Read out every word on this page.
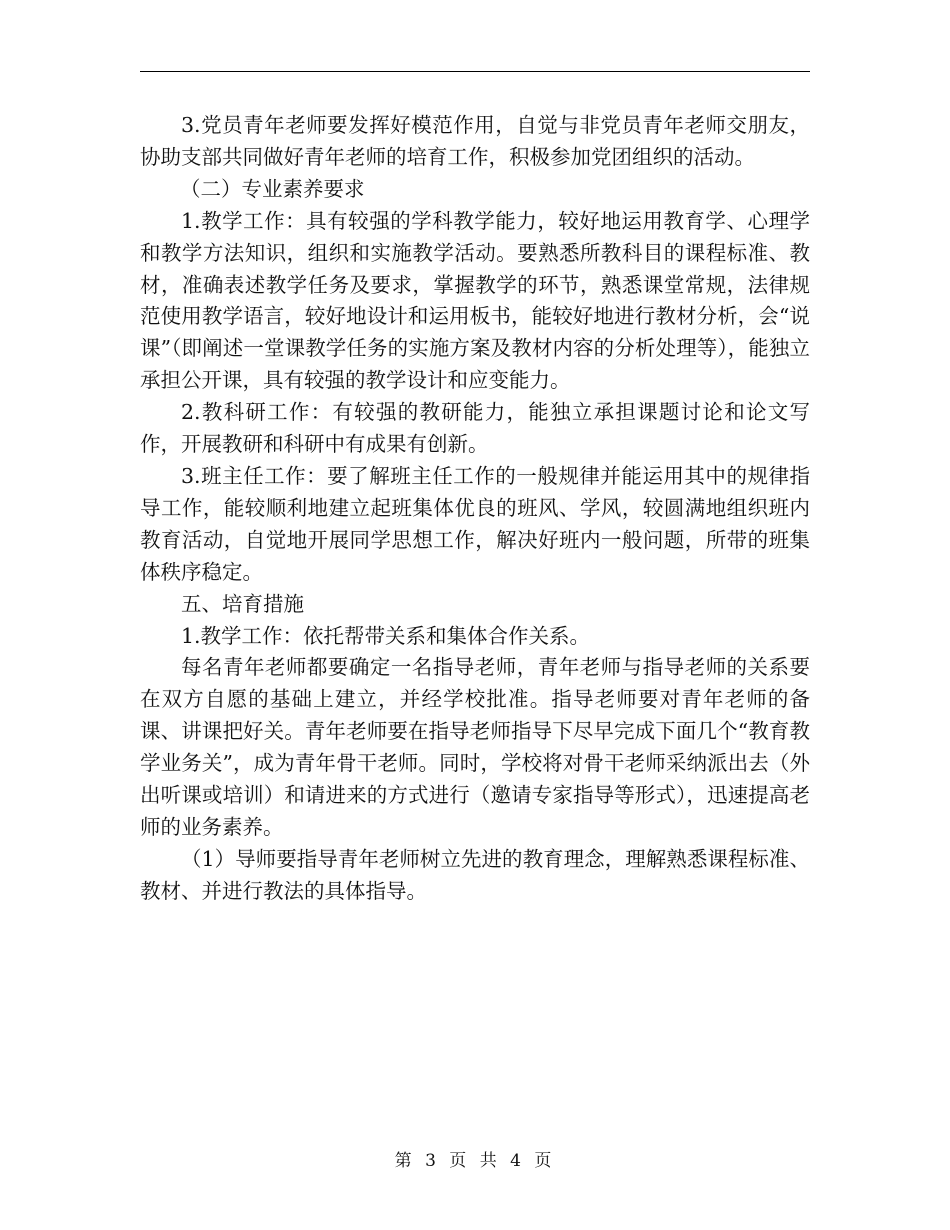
3.党员青年老师要发挥好模范作用，自觉与非党员青年老师交朋友，协助支部共同做好青年老师的培育工作，积极参加党团组织的活动。

（二）专业素养要求

1.教学工作：具有较强的学科教学能力，较好地运用教育学、心理学和教学方法知识，组织和实施教学活动。要熟悉所教科目的课程标准、教材，准确表述教学任务及要求，掌握教学的环节，熟悉课堂常规，法律规范使用教学语言，较好地设计和运用板书，能较好地进行教材分析，会“说课”（即阐述一堂课教学任务的实施方案及教材内容的分析处理等），能独立承担公开课，具有较强的教学设计和应变能力。

2.教科研工作：有较强的教研能力，能独立承担课题讨论和论文写作，开展教研和科研中有成果有创新。

3.班主任工作：要了解班主任工作的一般规律并能运用其中的规律指导工作，能较顺利地建立起班集体优良的班风、学风，较圆满地组织班内教育活动，自觉地开展同学思想工作，解决好班内一般问题，所带的班集体秩序稳定。

五、培育措施

1.教学工作：依托帮带关系和集体合作关系。

每名青年老师都要确定一名指导老师，青年老师与指导老师的关系要在双方自愿的基础上建立，并经学校批准。指导老师要对青年老师的备课、讲课把好关。青年老师要在指导老师指导下尽早完成下面几个“教育教学业务关”，成为青年骨干老师。同时，学校将对骨干老师采纳派出去（外出听课或培训）和请进来的方式进行（邀请专家指导等形式），迅速提高老师的业务素养。

（1）导师要指导青年老师树立先进的教育理念，理解熟悉课程标准、教材、并进行教法的具体指导。

第 3 页 共 4 页
